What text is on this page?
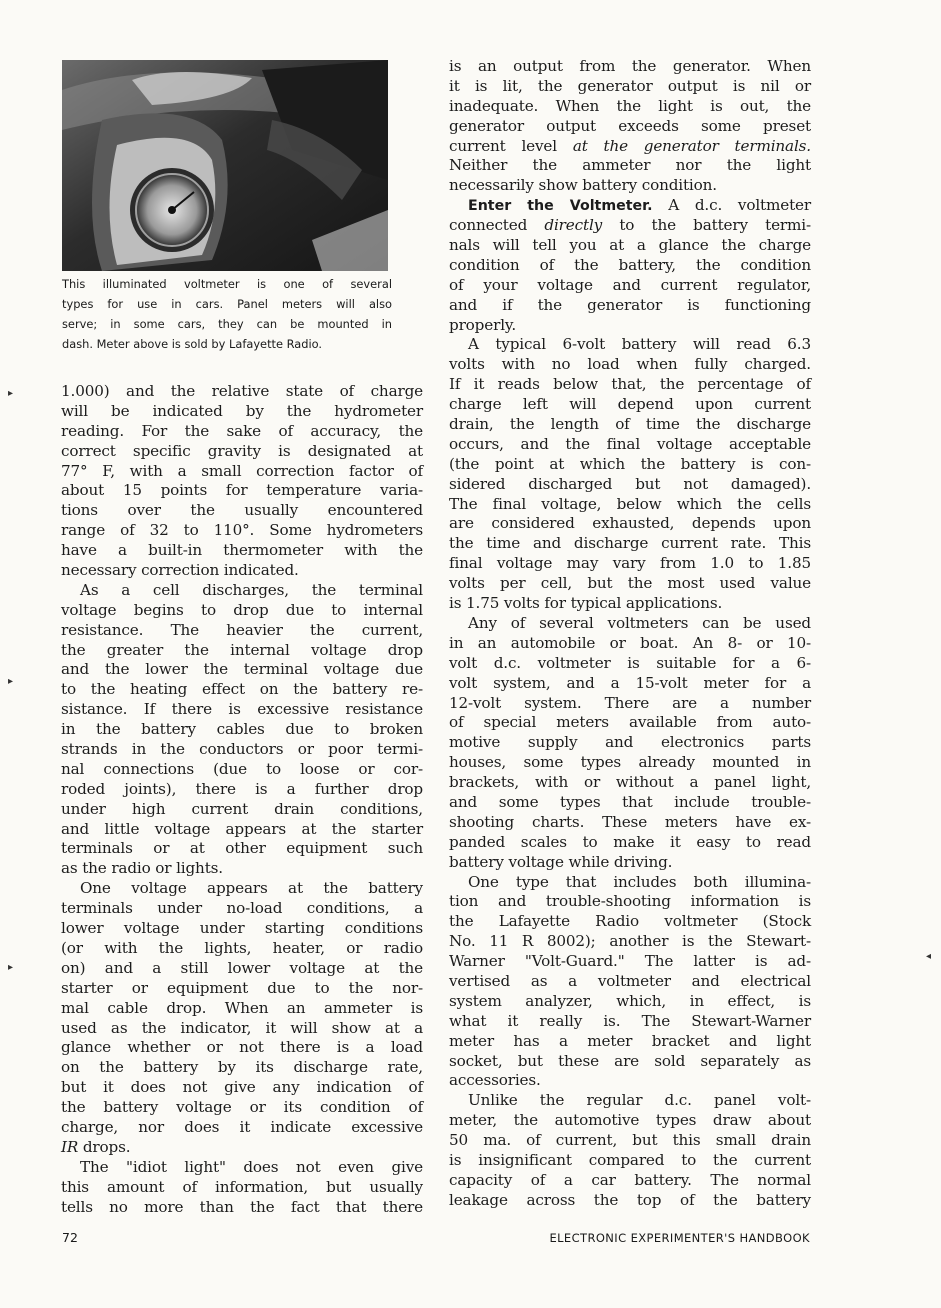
This illuminated voltmeter is one of several
types for use in cars. Panel meters will also
serve; in some cars, they can be mounted in
dash. Meter above is sold by Lafayette Radio.
1.000) and the relative state of charge
will be indicated by the hydrometer
reading. For the sake of accuracy, the
correct specific gravity is designated at
77° F, with a small correction factor of
about 15 points for temperature varia-
tions over the usually encountered
range of 32 to 110°. Some hydrometers
have a built-in thermometer with the
necessary correction indicated.
As a cell discharges, the terminal
voltage begins to drop due to internal
resistance. The heavier the current,
the greater the internal voltage drop
and the lower the terminal voltage due
to the heating effect on the battery re-
sistance. If there is excessive resistance
in the battery cables due to broken
strands in the conductors or poor termi-
nal connections (due to loose or cor-
roded joints), there is a further drop
under high current drain conditions,
and little voltage appears at the starter
terminals or at other equipment such
as the radio or lights.
One voltage appears at the battery
terminals under no-load conditions, a
lower voltage under starting conditions
(or with the lights, heater, or radio
on) and a still lower voltage at the
starter or equipment due to the nor-
mal cable drop. When an ammeter is
used as the indicator, it will show at a
glance whether or not there is a load
on the battery by its discharge rate,
but it does not give any indication of
the battery voltage or its condition of
charge, nor does it indicate excessive
IR drops.
The "idiot light" does not even give
this amount of information, but usually
tells no more than the fact that there
is an output from the generator. When
it is lit, the generator output is nil or
inadequate. When the light is out, the
generator output exceeds some preset
current level at the generator terminals.
Neither the ammeter nor the light
necessarily show battery condition.
Enter the Voltmeter. A d.c. voltmeter
connected directly to the battery termi-
nals will tell you at a glance the charge
condition of the battery, the condition
of your voltage and current regulator,
and if the generator is functioning
properly.
A typical 6-volt battery will read 6.3
volts with no load when fully charged.
If it reads below that, the percentage of
charge left will depend upon current
drain, the length of time the discharge
occurs, and the final voltage acceptable
(the point at which the battery is con-
sidered discharged but not damaged).
The final voltage, below which the cells
are considered exhausted, depends upon
the time and discharge current rate. This
final voltage may vary from 1.0 to 1.85
volts per cell, but the most used value
is 1.75 volts for typical applications.
Any of several voltmeters can be used
in an automobile or boat. An 8- or 10-
volt d.c. voltmeter is suitable for a 6-
volt system, and a 15-volt meter for a
12-volt system. There are a number
of special meters available from auto-
motive supply and electronics parts
houses, some types already mounted in
brackets, with or without a panel light,
and some types that include trouble-
shooting charts. These meters have ex-
panded scales to make it easy to read
battery voltage while driving.
One type that includes both illumina-
tion and trouble-shooting information is
the Lafayette Radio voltmeter (Stock
No. 11 R 8002); another is the Stewart-
Warner "Volt-Guard." The latter is ad-
vertised as a voltmeter and electrical
system analyzer, which, in effect, is
what it really is. The Stewart-Warner
meter has a meter bracket and light
socket, but these are sold separately as
accessories.
Unlike the regular d.c. panel volt-
meter, the automotive types draw about
50 ma. of current, but this small drain
is insignificant compared to the current
capacity of a car battery. The normal
leakage across the top of the battery
72	ELECTRONIC EXPERIMENTER'S HANDBOOK
▸
▸
▸
◂
